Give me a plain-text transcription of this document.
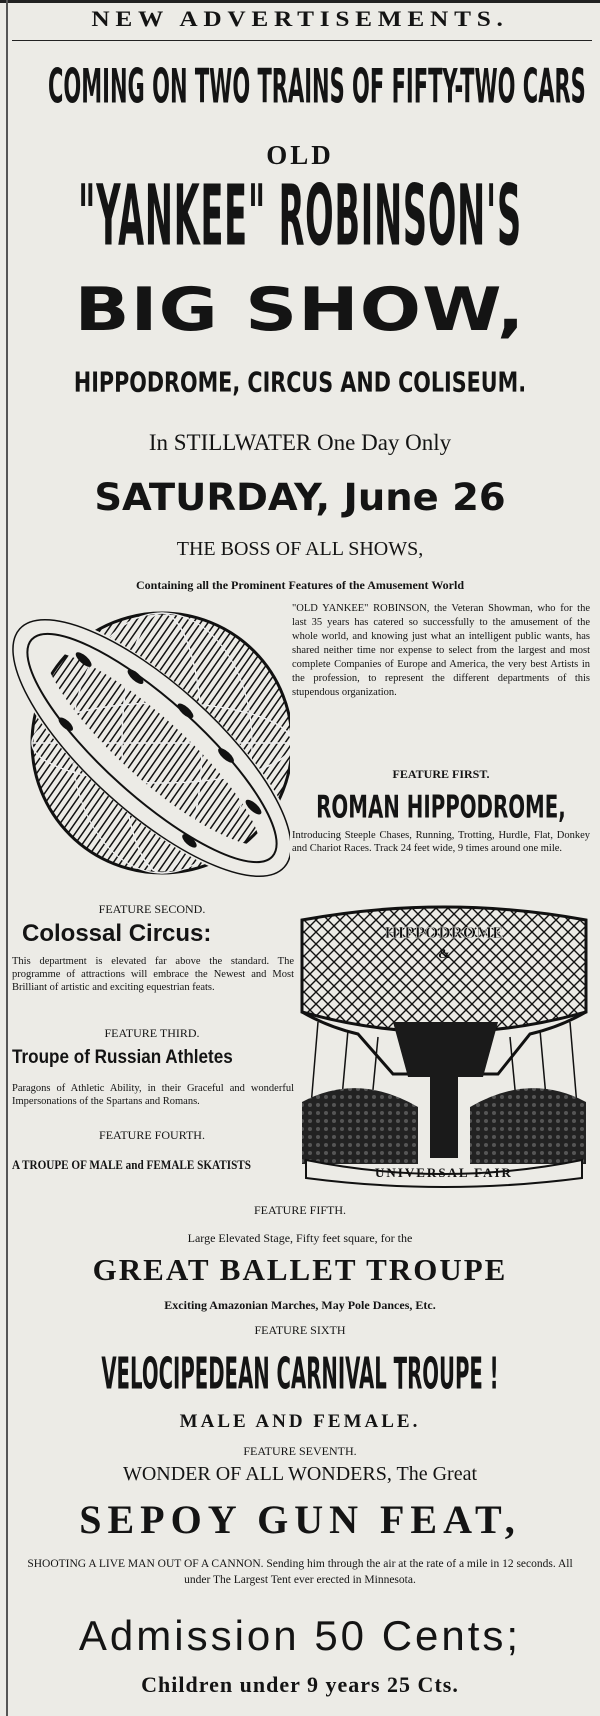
NEW ADVERTISEMENTS.
COMING ON TWO TRAINS OF FIFTY-TWO CARS
OLD
"YANKEE" ROBINSON'S
BIG SHOW,
HIPPODROME, CIRCUS AND COLISEUM.
In STILLWATER One Day Only
SATURDAY, June 26
THE BOSS OF ALL SHOWS,
Containing all the Prominent Features of the Amusement World
"OLD YANKEE" ROBINSON, the Veteran Showman, who for the last 35 years has catered so successfully to the amusement of the whole world, and knowing just what an intelligent public wants, has shared neither time nor expense to select from the largest and most complete Companies of Europe and America, the very best Artists in the profession, to represent the different departments of this stupendous organization.
FEATURE FIRST.
ROMAN HIPPODROME,
Introducing Steeple Chases, Running, Trotting, Hurdle, Flat, Donkey and Chariot Races. Track 24 feet wide, 9 times around one mile.
FEATURE SECOND.
Colossal Circus:
This department is elevated far above the standard. The programme of attractions will embrace the Newest and Most Brilliant of artistic and exciting equestrian feats.
FEATURE THIRD.
Troupe of Russian Athletes
Paragons of Athletic Ability, in their Graceful and wonderful Impersonations of the Spartans and Romans.
FEATURE FOURTH.
A TROUPE OF MALE and FEMALE SKATISTS
HIPPODROME
&
UNIVERSAL FAIR
FEATURE FIFTH.
Large Elevated Stage, Fifty feet square, for the
GREAT BALLET TROUPE
Exciting Amazonian Marches, May Pole Dances, Etc.
FEATURE SIXTH
VELOCIPEDEAN CARNIVAL TROUPE !
MALE AND FEMALE.
FEATURE SEVENTH.
WONDER OF ALL WONDERS, The Great
SEPOY GUN FEAT,
SHOOTING A LIVE MAN OUT OF A CANNON. Sending him through the air at the rate of a mile in 12 seconds. All under The Largest Tent ever erected in Minnesota.
Admission 50 Cents;
Children under 9 years 25 Cts.
